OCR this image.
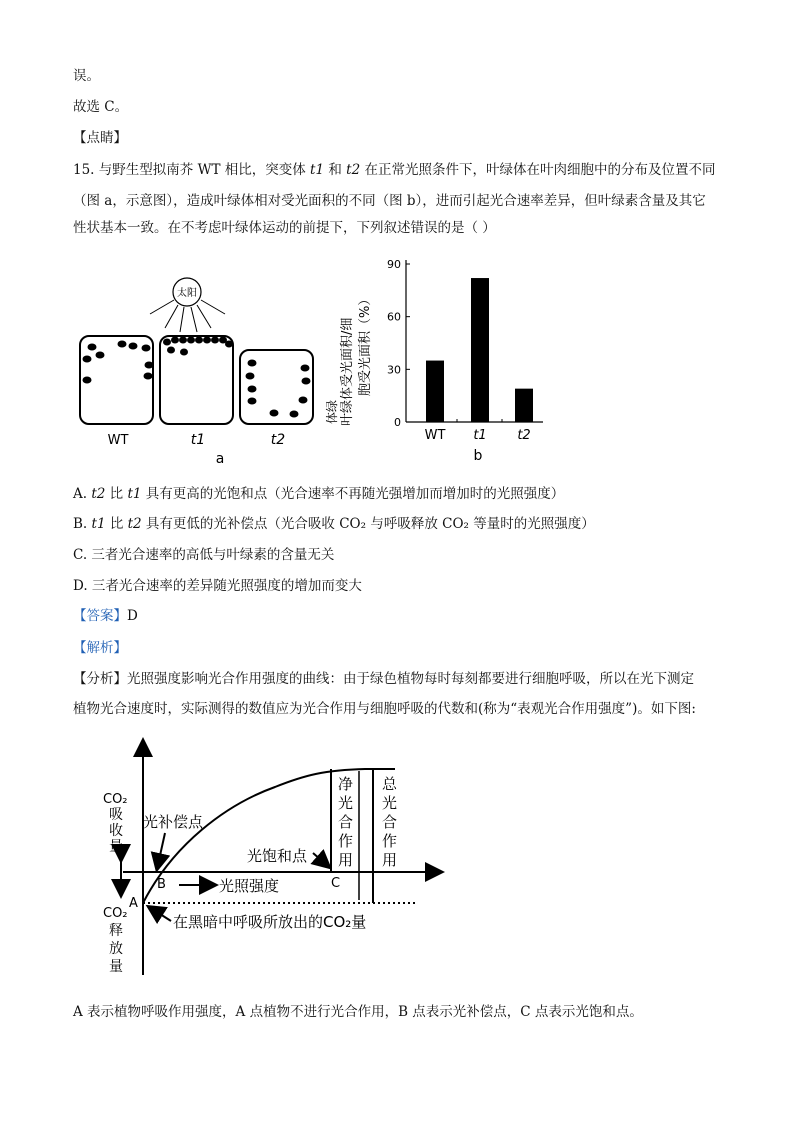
误。
故选 C。
【点睛】
15. 与野生型拟南芥 WT 相比，突变体 t1 和 t2 在正常光照条件下，叶绿体在叶肉细胞中的分布及位置不同
（图 a，示意图），造成叶绿体相对受光面积的不同（图 b），进而引起光合速率差异，但叶绿素含量及其它
性状基本一致。在不考虑叶绿体运动的前提下，下列叙述错误的是（ ）
太阳
WT	t1	t2
a
体绿 叶绿体受光面积/细 胞受光面积（%）
0
30
60
90
WT t1 t2
b
A. t2 比 t1 具有更高的光饱和点（光合速率不再随光强增加而增加时的光照强度）
B. t1 比 t2 具有更低的光补偿点（光合吸收 CO₂ 与呼吸释放 CO₂ 等量时的光照强度）
C. 三者光合速率的高低与叶绿素的含量无关
D. 三者光合速率的差异随光照强度的增加而变大
【答案】D
【解析】
【分析】光照强度影响光合作用强度的曲线：由于绿色植物每时每刻都要进行细胞呼吸，所以在光下测定
植物光合速度时，实际测得的数值应为光合作用与细胞呼吸的代数和(称为“表观光合作用强度”)。如下图:
CO₂
吸
收
量
CO₂
释
放
量
A
B	C
光补偿点
光照强度
光饱和点
在黑暗中呼吸所放出的CO₂量
净
光
合
作
用
总
光
合
作
用
A 表示植物呼吸作用强度，A 点植物不进行光合作用，B 点表示光补偿点，C 点表示光饱和点。
